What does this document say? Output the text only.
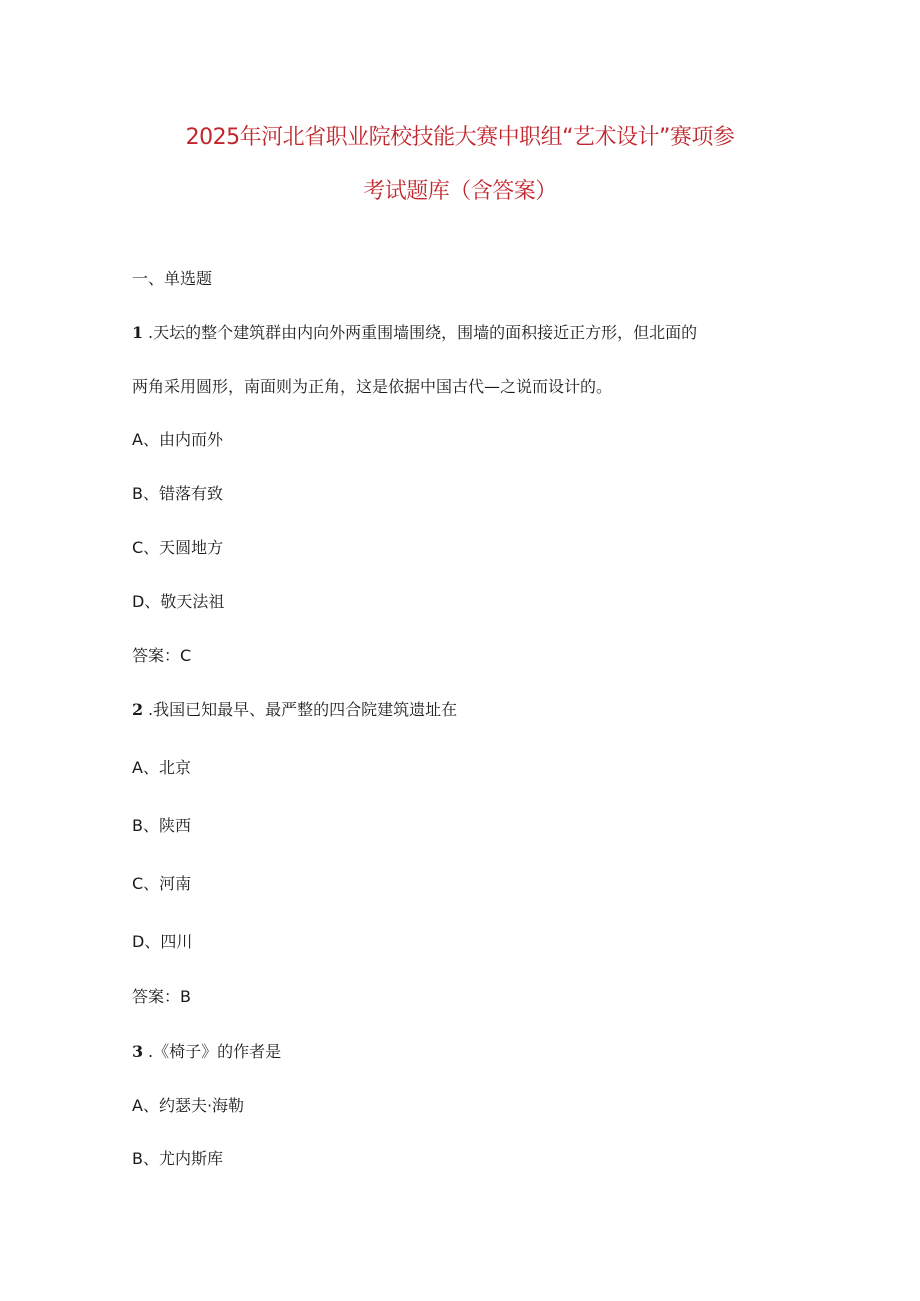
2025年河北省职业院校技能大赛中职组“艺术设计”赛项参
考试题库（含答案）
一、单选题
1 .天坛的整个建筑群由内向外两重围墙围绕，围墙的面积接近正方形，但北面的
两角采用圆形，南面则为正角，这是依据中国古代—之说而设计的。
A、由内而外
B、错落有致
C、天圆地方
D、敬天法祖
答案：C
2 .我国已知最早、最严整的四合院建筑遗址在
A、北京
B、陕西
C、河南
D、四川
答案：B
3 .《椅子》的作者是
A、约瑟夫·海勒
B、尤内斯库
